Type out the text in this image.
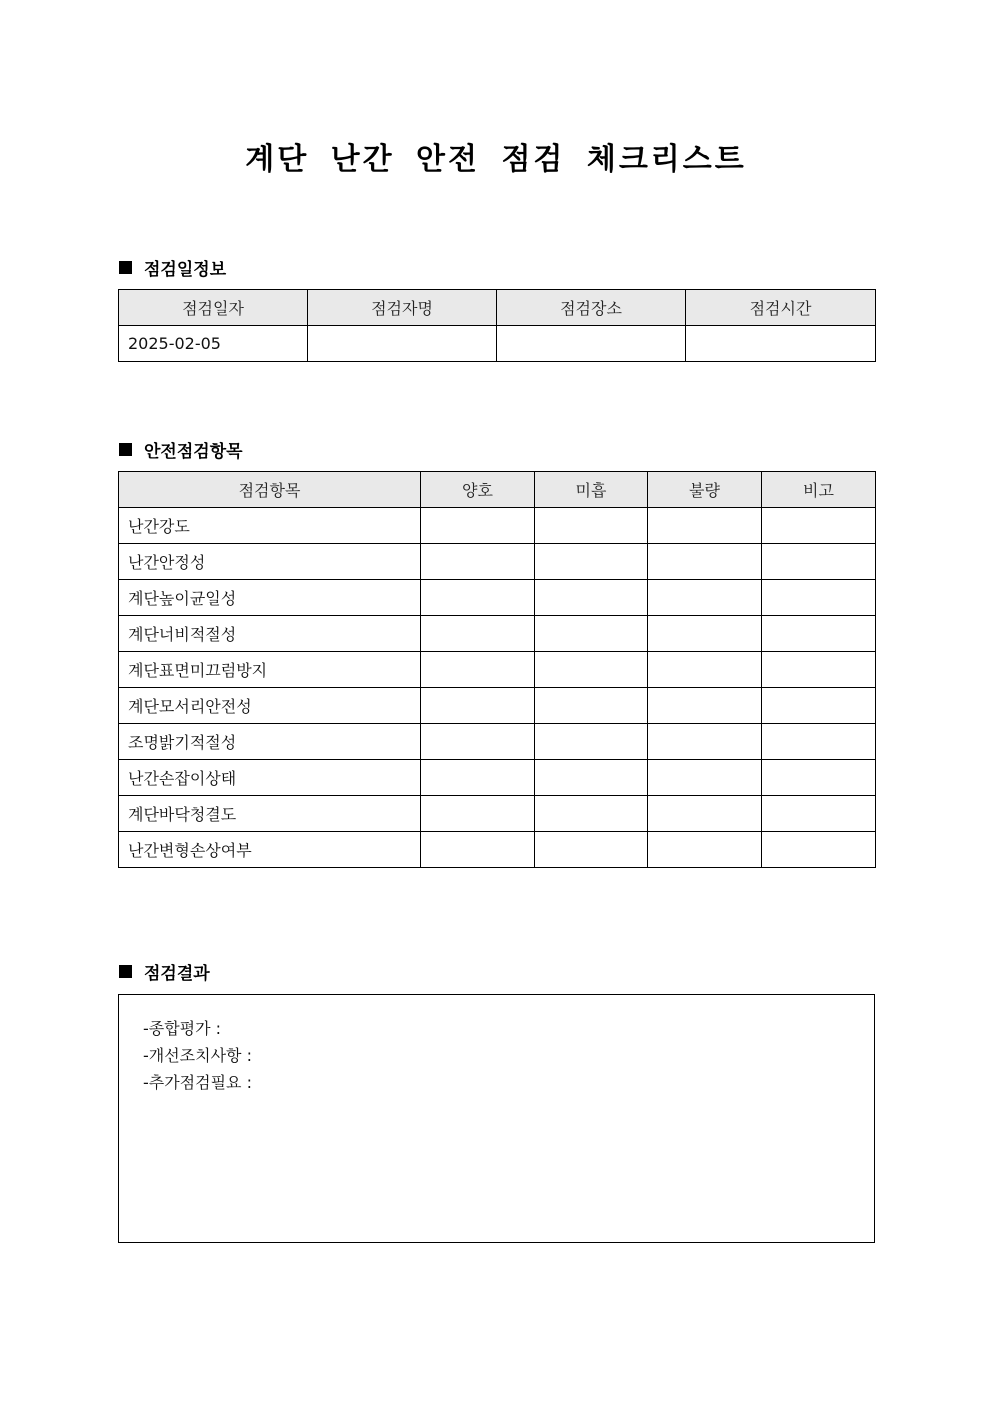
계단 난간 안전 점검 체크리스트
점검일정보
점검일자	점검자명	점검장소	점검시간
2025-02-05			
안전점검항목
점검항목	양호	미흡	불량	비고
난간강도				
난간안정성				
계단높이균일성				
계단너비적절성				
계단표면미끄럼방지				
계단모서리안전성				
조명밝기적절성				
난간손잡이상태				
계단바닥청결도				
난간변형손상여부				
점검결과
-종합평가 :
-개선조치사항 :
-추가점검필요 :
